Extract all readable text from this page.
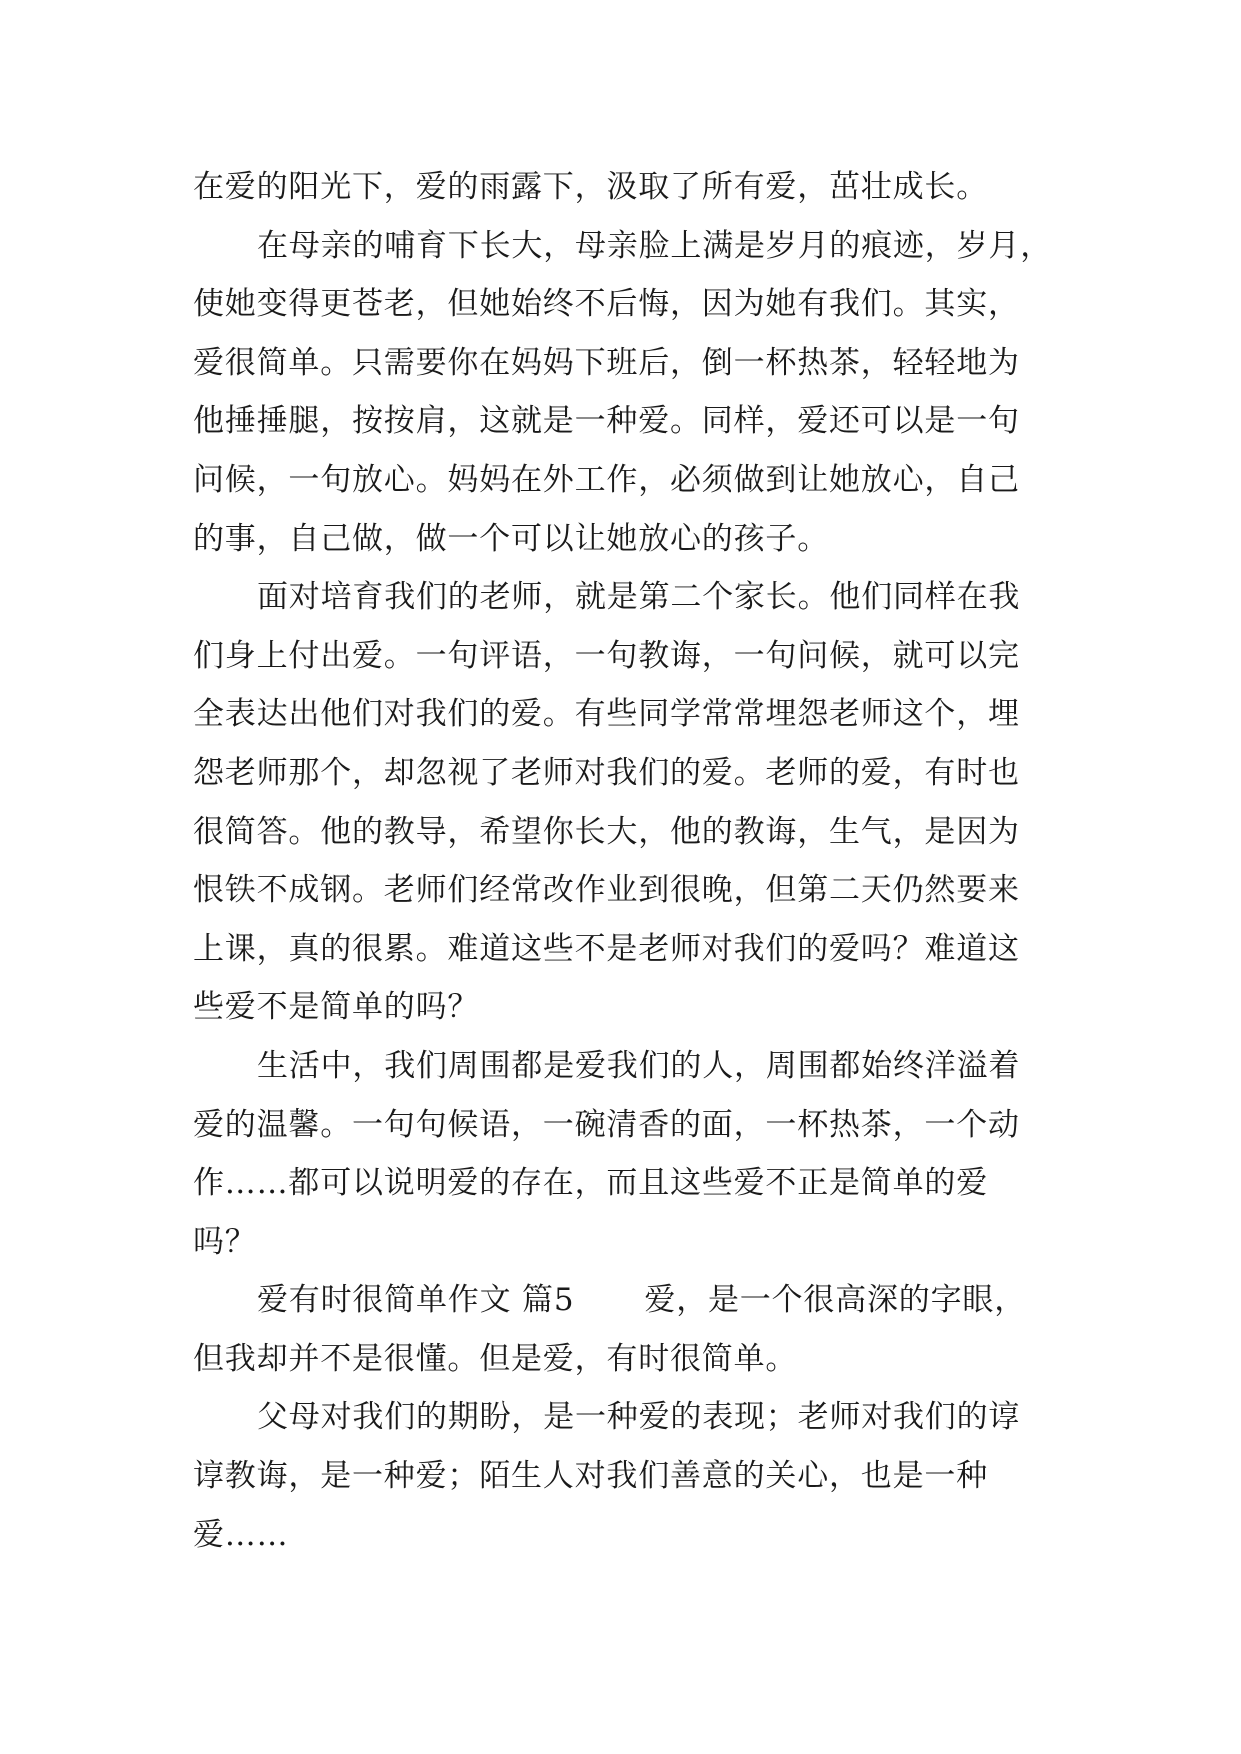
在爱的阳光下，爱的雨露下，汲取了所有爱，茁壮成长。
在母亲的哺育下长大，母亲脸上满是岁月的痕迹，岁月，
使她变得更苍老，但她始终不后悔，因为她有我们。其实，
爱很简单。只需要你在妈妈下班后，倒一杯热茶，轻轻地为
他捶捶腿，按按肩，这就是一种爱。同样，爱还可以是一句
问候，一句放心。妈妈在外工作，必须做到让她放心，自己
的事，自己做，做一个可以让她放心的孩子。
面对培育我们的老师，就是第二个家长。他们同样在我
们身上付出爱。一句评语，一句教诲，一句问候，就可以完
全表达出他们对我们的爱。有些同学常常埋怨老师这个，埋
怨老师那个，却忽视了老师对我们的爱。老师的爱，有时也
很简答。他的教导，希望你长大，他的教诲，生气，是因为
恨铁不成钢。老师们经常改作业到很晚，但第二天仍然要来
上课，真的很累。难道这些不是老师对我们的爱吗？难道这
些爱不是简单的吗？
生活中，我们周围都是爱我们的人，周围都始终洋溢着
爱的温馨。一句句候语，一碗清香的面，一杯热茶，一个动
作……都可以说明爱的存在，而且这些爱不正是简单的爱
吗？
爱有时很简单作文 篇5 爱，是一个很高深的字眼，
但我却并不是很懂。但是爱，有时很简单。
父母对我们的期盼，是一种爱的表现；老师对我们的谆
谆教诲，是一种爱；陌生人对我们善意的关心，也是一种
爱……
